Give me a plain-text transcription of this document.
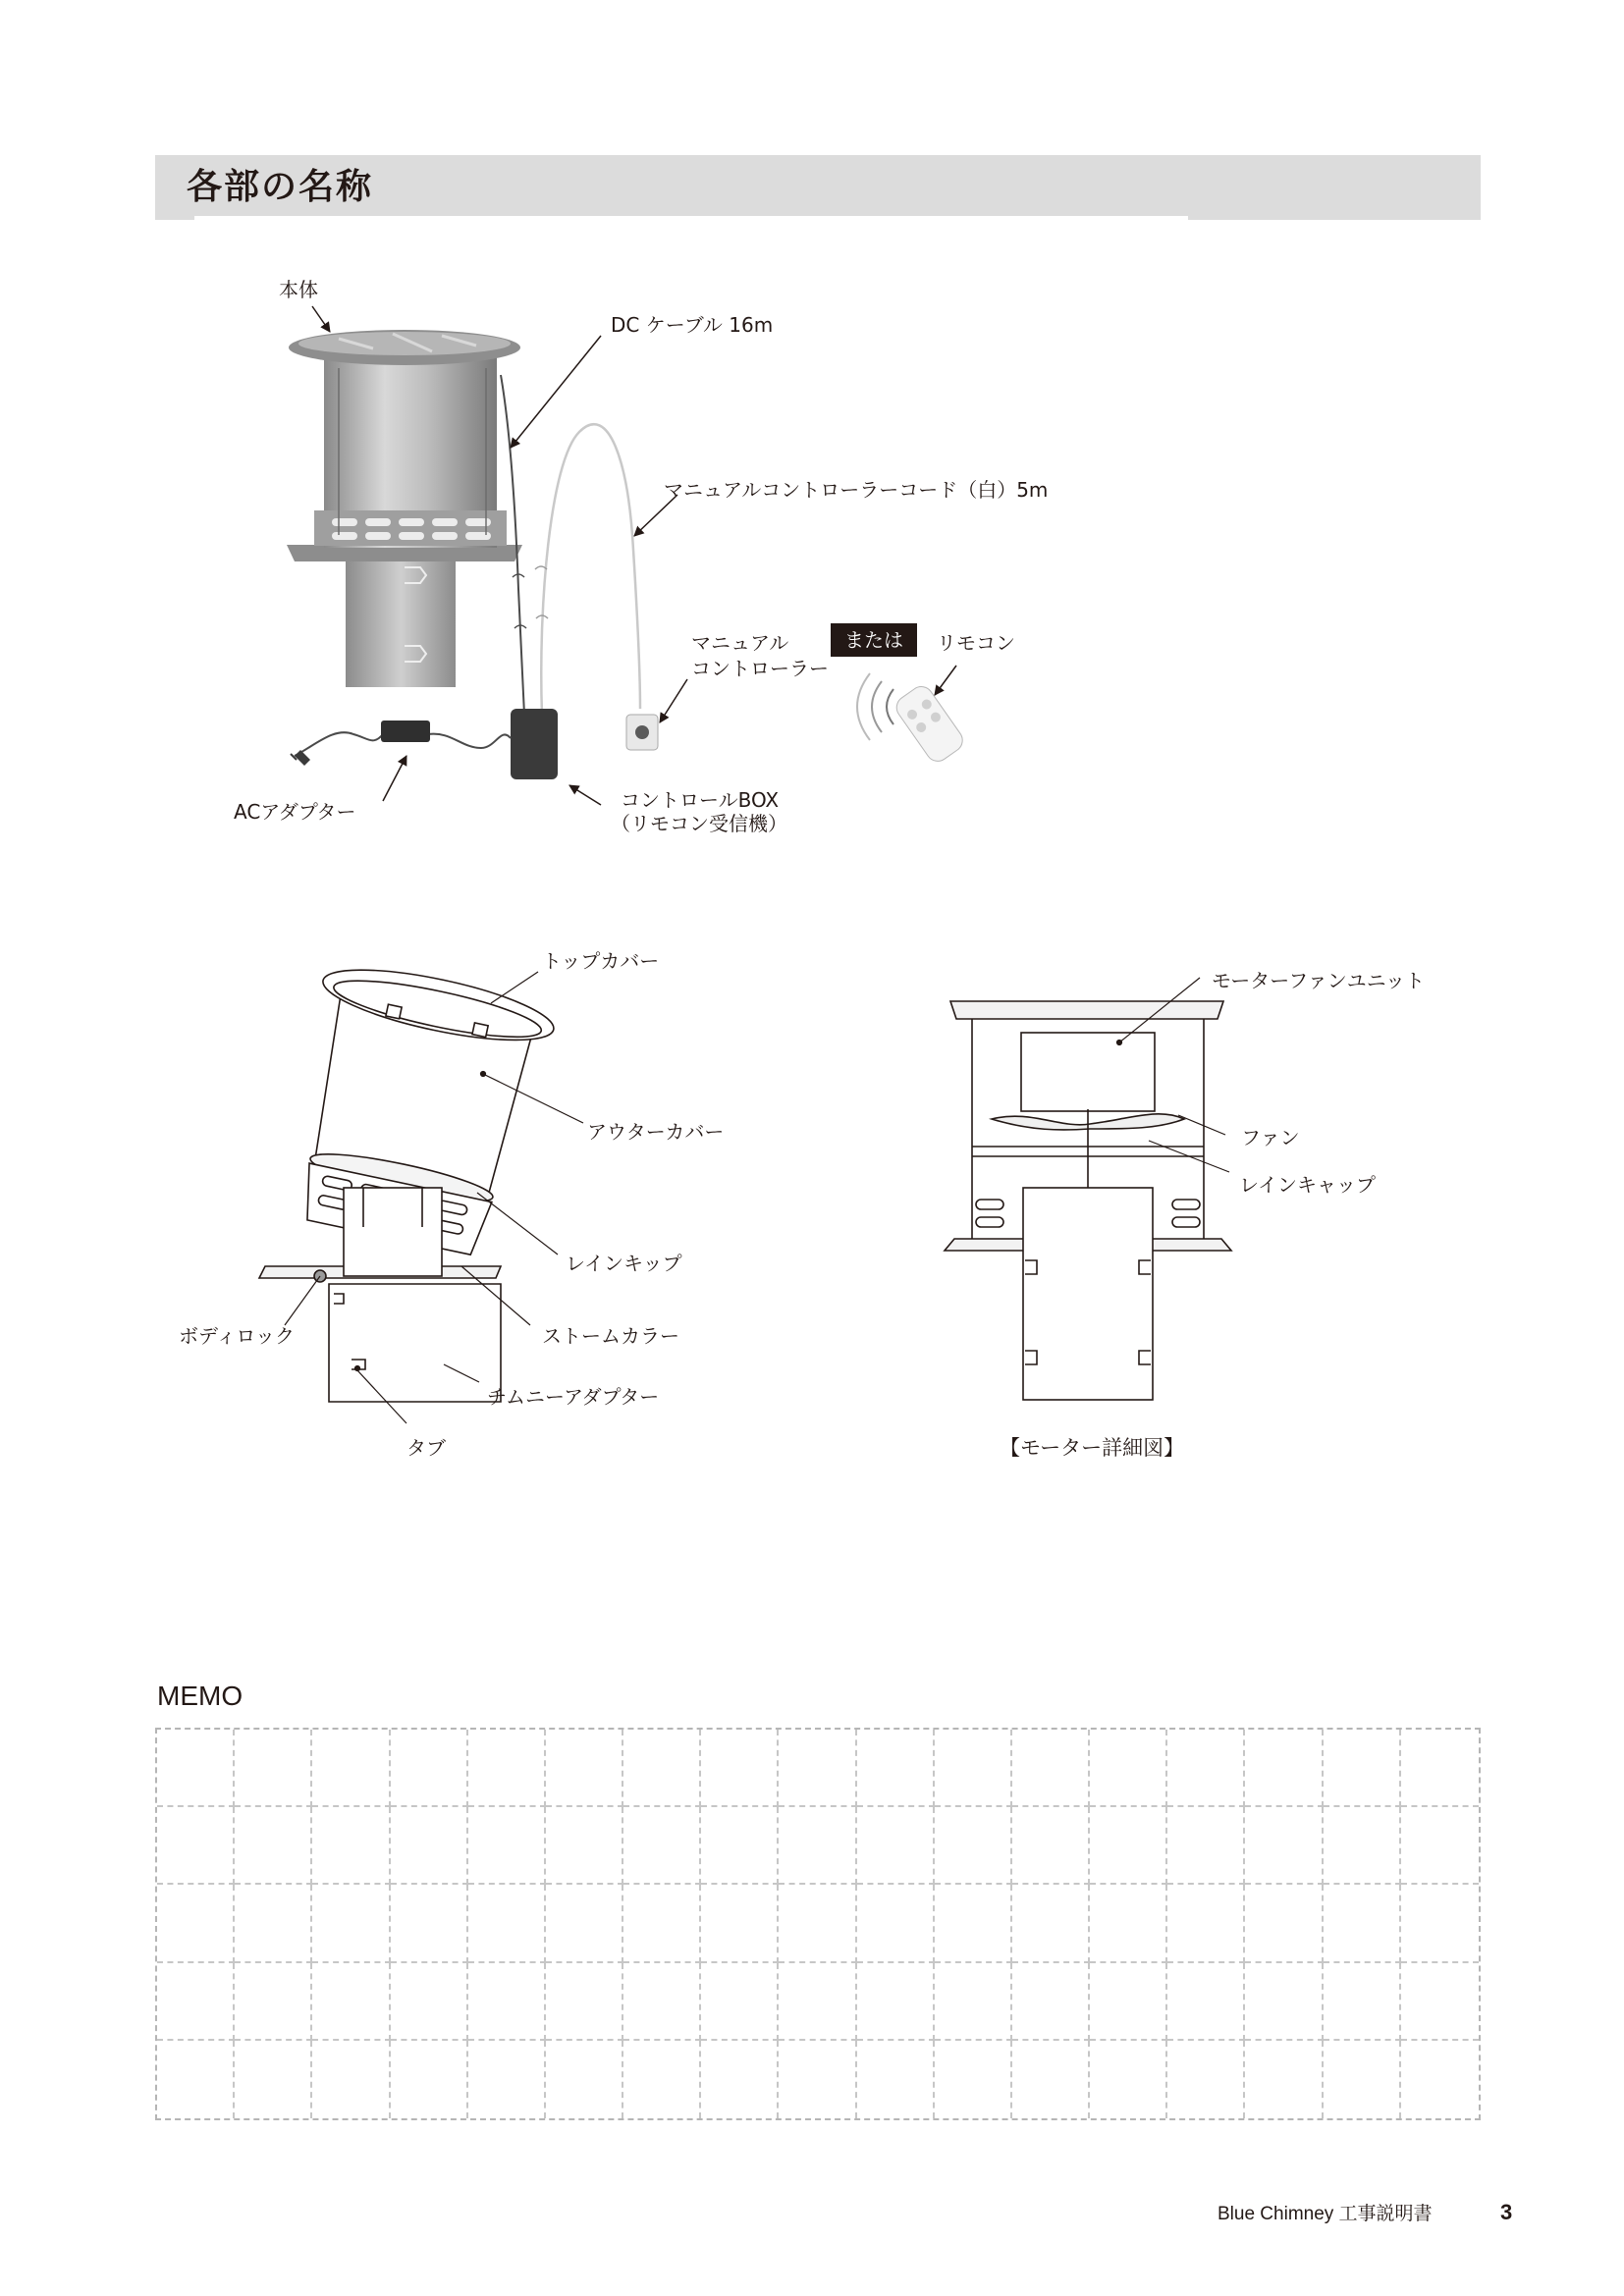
各部の名称
本体
DC ケーブル 16m
マニュアルコントローラーコード（白）5m
マニュアル
コントローラー
または	リモコン
ACアダプター	コントロールBOX
（リモコン受信機）
トップカバー
アウターカバー
レインキップ
ボディロック	ストームカラー
チムニーアダプター
タブ
モーターファンユニット
ファン
レインキャップ
【モーター詳細図】
MEMO
Blue Chimney 工事説明書	3
